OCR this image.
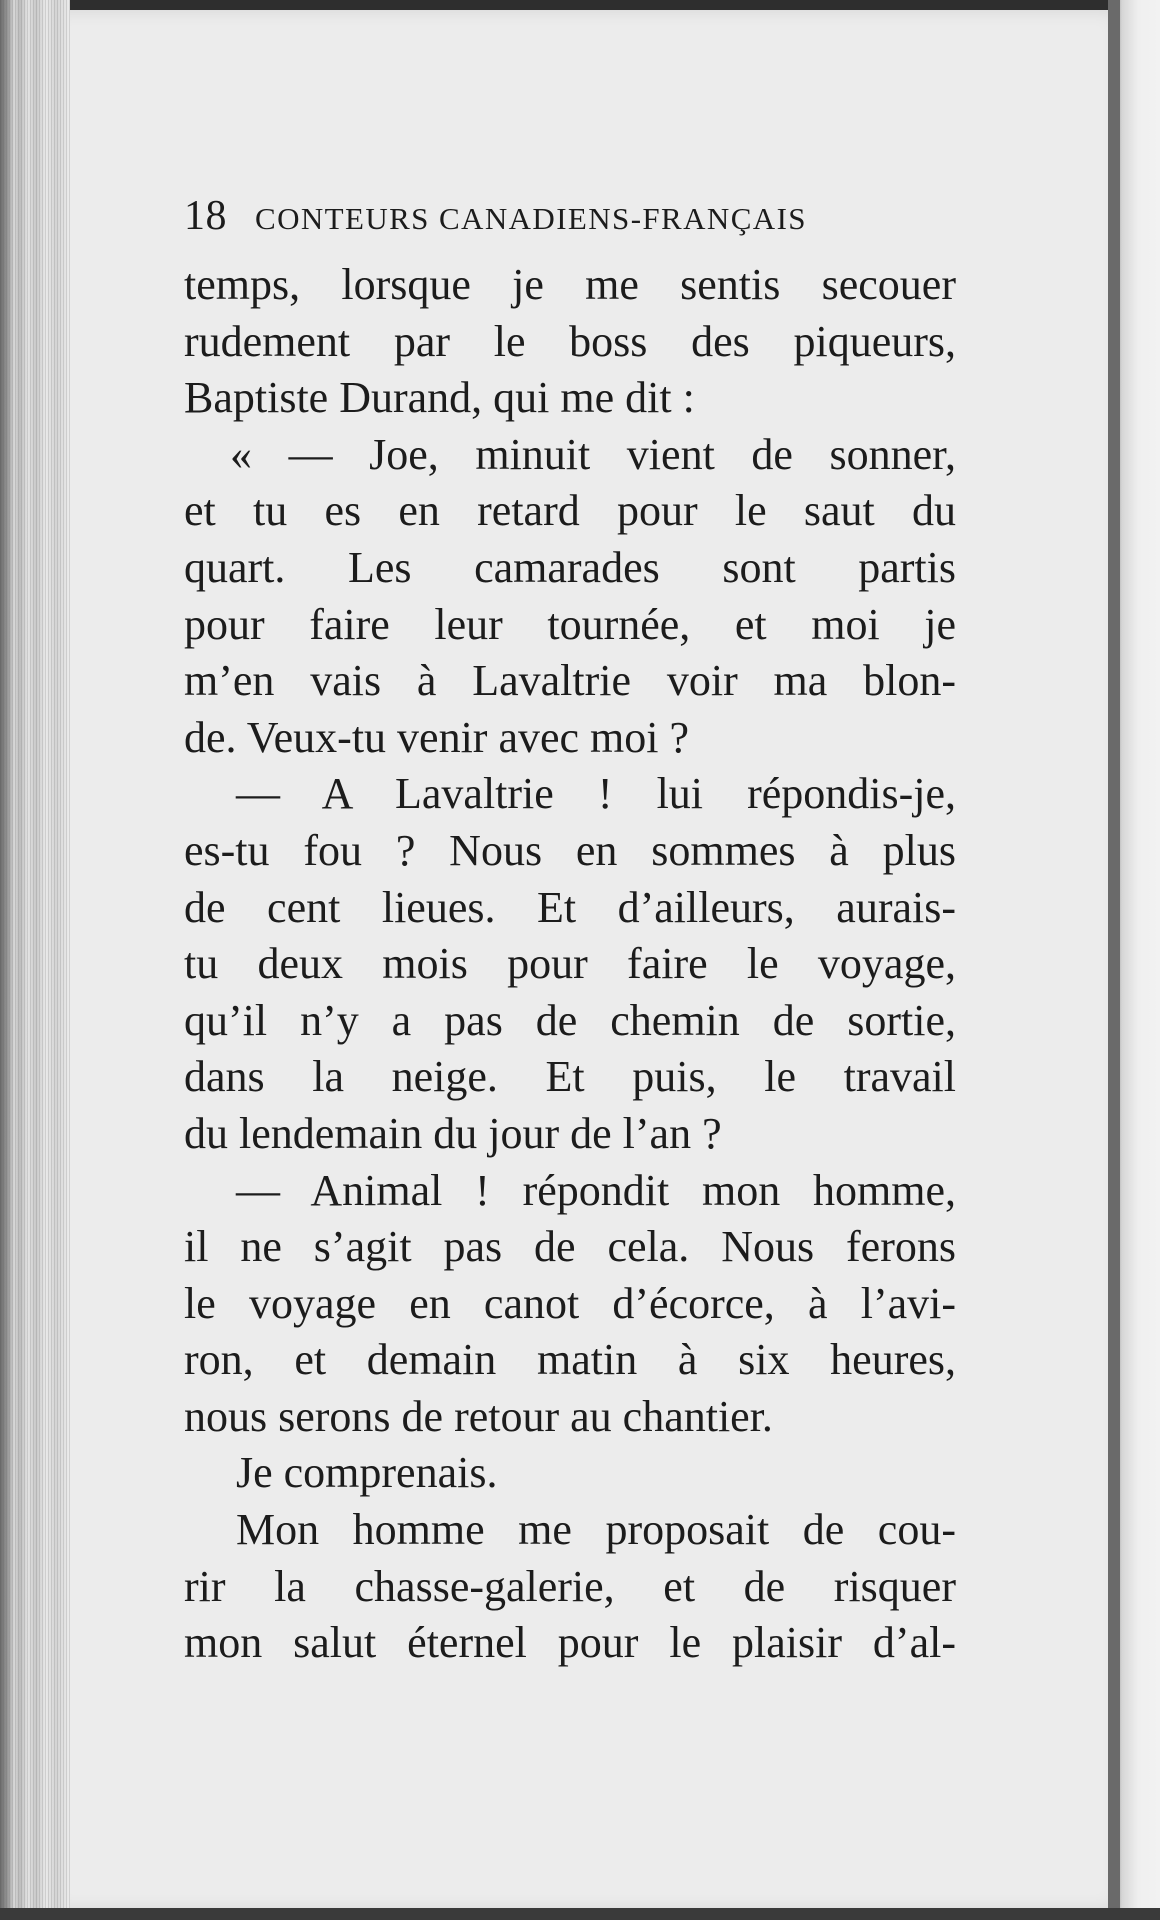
18 CONTEURS CANADIENS-FRANÇAIS
temps, lorsque je me sentis secouer
rudement par le boss des piqueurs,
Baptiste Durand, qui me dit :
« — Joe, minuit vient de sonner,
et tu es en retard pour le saut du
quart. Les camarades sont partis
pour faire leur tournée, et moi je
m’en vais à Lavaltrie voir ma blon-
de. Veux-tu venir avec moi ?
— A Lavaltrie ! lui répondis-je,
es-tu fou ? Nous en sommes à plus
de cent lieues. Et d’ailleurs, aurais-
tu deux mois pour faire le voyage,
qu’il n’y a pas de chemin de sortie,
dans la neige. Et puis, le travail
du lendemain du jour de l’an ?
— Animal ! répondit mon homme,
il ne s’agit pas de cela. Nous ferons
le voyage en canot d’écorce, à l’avi-
ron, et demain matin à six heures,
nous serons de retour au chantier.
Je comprenais.
Mon homme me proposait de cou-
rir la chasse-galerie, et de risquer
mon salut éternel pour le plaisir d’al-
